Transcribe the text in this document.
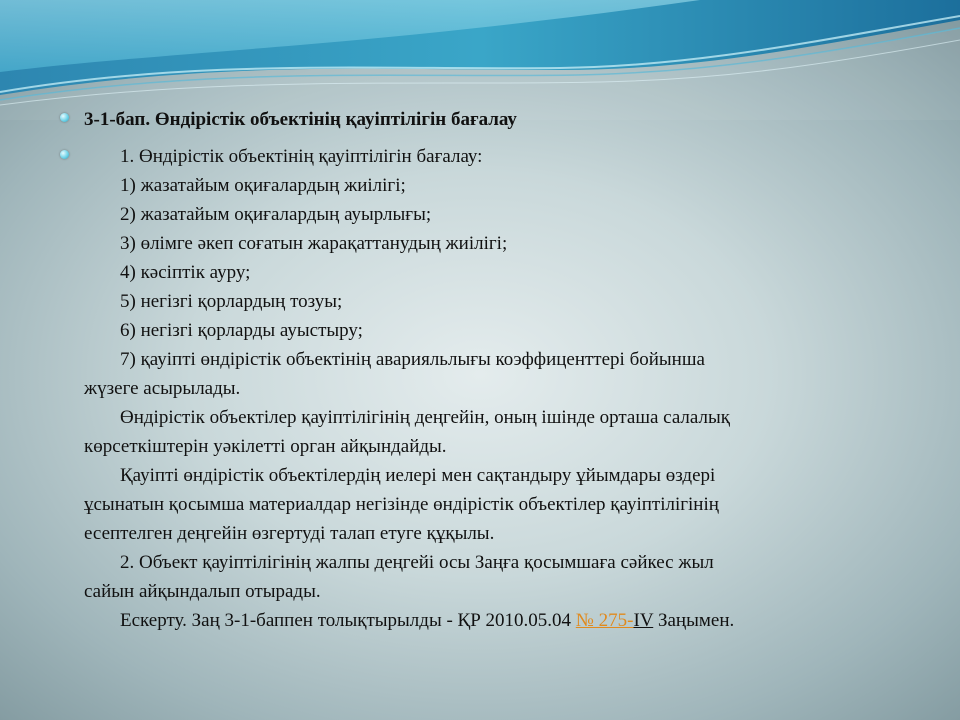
3-1-бап. Өндірістік объектінің қауіптілігін бағалау

1. Өндірістік объектінің қауіптілігін бағалау:

1) жазатайым оқиғалардың жиілігі;

2) жазатайым оқиғалардың ауырлығы;

3) өлімге әкеп соғатын жарақаттанудың жиілігі;

4) кәсіптік ауру;

5) негізгі қорлардың тозуы;

6) негізгі қорларды ауыстыру;

7) қауіпті өндірістік объектінің аварияльлығы коэффиценттері бойынша

жүзеге асырылады.

Өндірістік объектілер қауіптілігінің деңгейін, оның ішінде орташа салалық

көрсеткіштерін уәкілетті орган айқындайды.

Қауіпті өндірістік объектілердің иелері мен сақтандыру ұйымдары өздері

ұсынатын қосымша материалдар негізінде өндірістік объектілер қауіптілігінің

есептелген деңгейін өзгертуді талап етуге құқылы.

2. Объект қауіптілігінің жалпы деңгейі осы Заңға қосымшаға сәйкес жыл

сайын айқындалып отырады.

Ескерту. Заң 3-1-баппен толықтырылды - ҚР 2010.05.04 № 275-IV Заңымен.
